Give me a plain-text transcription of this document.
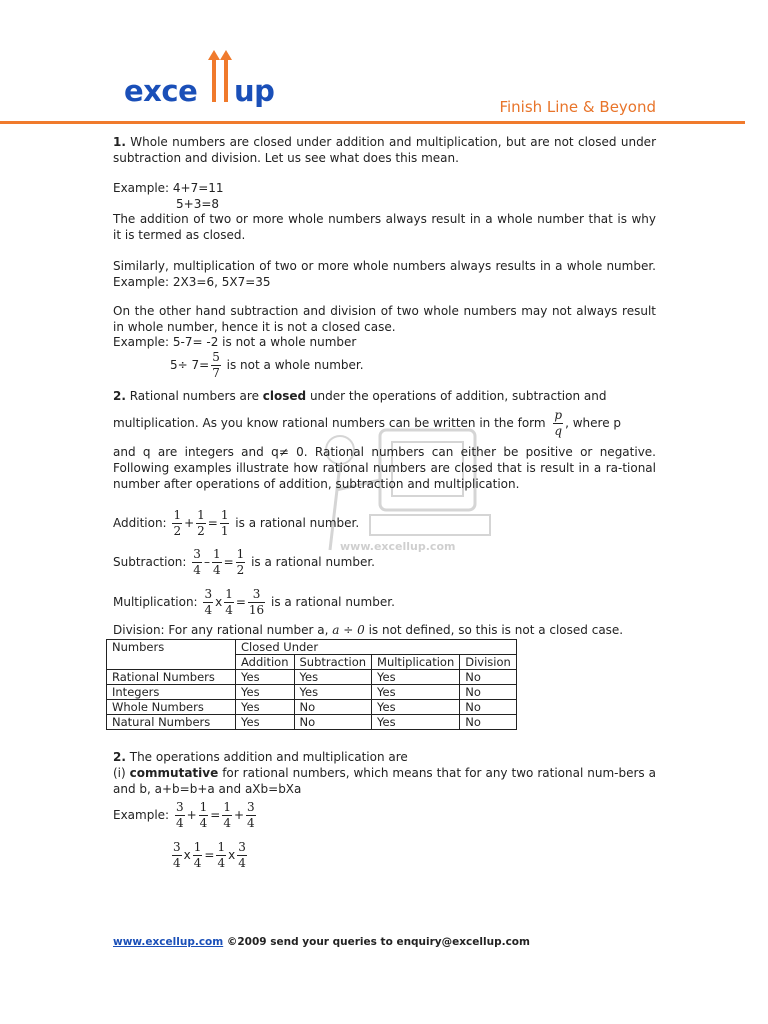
exce up	Finish Line & Beyond
www.excellup.com
1. Whole numbers are closed under addition and multiplication, but are not closed under subtraction and division. Let us see what does this mean.
Example: 4+7=11
5+3=8
The addition of two or more whole numbers always result in a whole number that is why it is termed as closed.
Similarly, multiplication of two or more whole numbers always results in a whole number. Example: 2X3=6, 5X7=35
On the other hand subtraction and division of two whole numbers may not always result in whole number, hence it is not a closed case.
Example: 5-7= -2 is not a whole number
$5\div 7= \frac{5}{7}$ is not a whole number.
2. Rational numbers are closed under the operations of addition, subtraction and
multiplication. As you know rational numbers can be written in the form $\frac{p}{q}$ , where p
and q are integers and q≠ 0. Rational numbers can either be positive or negative. Following examples illustrate how rational numbers are closed that is result in a ra-tional number after operations of addition, subtraction and multiplication.
Addition: $\frac{1}{2} + \frac{1}{2} = \frac{1}{1}$ is a rational number.
Subtraction: $\frac{3}{4} - \frac{1}{4} = \frac{1}{2}$ is a rational number.
Multiplication: $\frac{3}{4}$ x $\frac{1}{4} = \frac{3}{16}$ is a rational number.
Division: For any rational number a, a ÷ 0 is not defined, so this is not a closed case.
Numbers	Closed Under			
	Addition	Subtraction	Multiplication	Division
Rational Numbers	Yes	Yes	Yes	No
Integers	Yes	Yes	Yes	No
Whole Numbers	Yes	No	Yes	No
Natural Numbers	Yes	No	Yes	No
2. The operations addition and multiplication are
(i) commutative for rational numbers, which means that for any two rational num-bers a and b, a+b=b+a and aXb=bXa
Example: $\frac{3}{4} + \frac{1}{4} = \frac{1}{4} + \frac{3}{4}$
$\frac{3}{4}$ x $\frac{1}{4} = \frac{1}{4}$ x $\frac{3}{4}$
www.excellup.com ©2009 send your queries to enquiry@excellup.com
